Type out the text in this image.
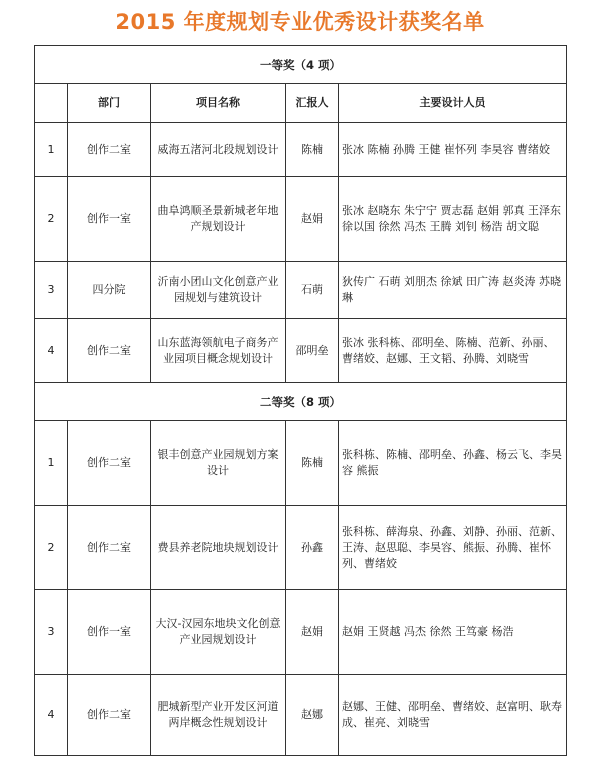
2015 年度规划专业优秀设计获奖名单
一等奖（4 项）				
	部门	项目名称	汇报人	主要设计人员
1	创作二室	威海五渚河北段规划设计	陈楠	张冰 陈楠 孙腾 王健 崔怀列 李昊容 曹绪姣
2	创作一室	曲阜鸿顺圣景新城老年地产规划设计	赵娟	张冰 赵晓东 朱宁宁 贾志磊 赵娟 郭真 王泽东 徐以国 徐然 冯杰 王腾 刘钊 杨浩 胡文聪
3	四分院	沂南小团山文化创意产业园规划与建筑设计	石萌	狄传广 石萌 刘朋杰 徐斌 田广涛 赵炎涛 苏晓琳
4	创作二室	山东蓝海领航电子商务产业园项目概念规划设计	邵明垒	张冰 张科栋、邵明垒、陈楠、范新、孙丽、曹绪姣、赵娜、王文韬、孙腾、刘晓雪
二等奖（8 项）				
1	创作二室	银丰创意产业园规划方案设计	陈楠	张科栋、陈楠、邵明垒、孙鑫、杨云飞、李昊容 熊振
2	创作二室	费县养老院地块规划设计	孙鑫	张科栋、薛海泉、孙鑫、刘静、孙丽、范新、王涛、赵思聪、李昊容、熊振、孙腾、崔怀列、曹绪姣
3	创作一室	大汉-汉园东地块文化创意产业园规划设计	赵娟	赵娟 王贤越 冯杰 徐然 王笃豪 杨浩
4	创作二室	肥城新型产业开发区河道两岸概念性规划设计	赵娜	赵娜、王健、邵明垒、曹绪姣、赵富明、耿寿成、崔亮、刘晓雪
